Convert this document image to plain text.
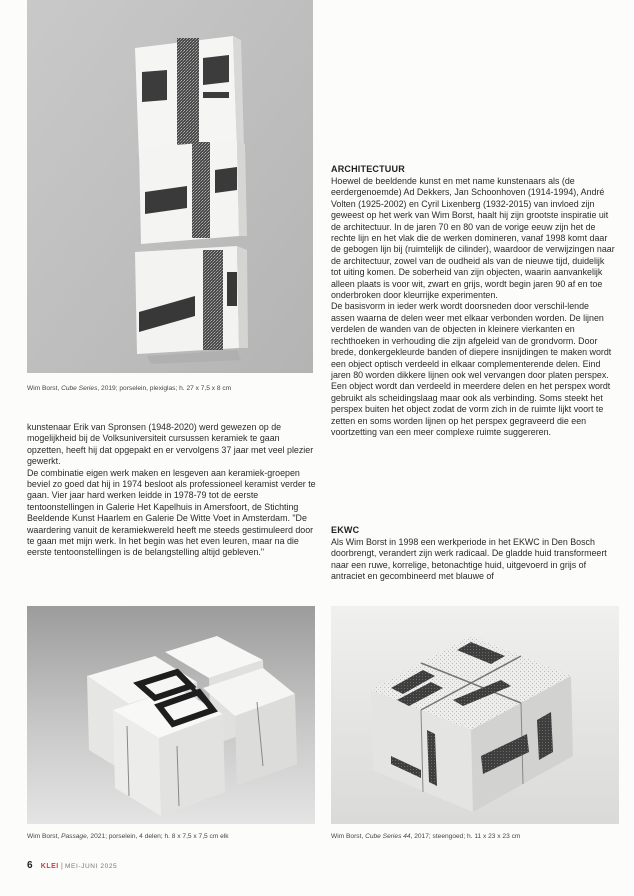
Wim Borst, Cube Series, 2019; porselein, plexiglas; h. 27 x 7,5 x 8 cm

kunstenaar Erik van Spronsen (1948-2020) werd gewezen op de mogelijkheid bij de Volksuniversiteit cursussen keramiek te gaan opzetten, heeft hij dat opgepakt en er vervolgens 37 jaar met veel plezier gewerkt.

De combinatie eigen werk maken en lesgeven aan keramiek-groepen beviel zo goed dat hij in 1974 besloot als professioneel keramist verder te gaan. Vier jaar hard werken leidde in 1978-79 tot de eerste tentoonstellingen in Galerie Het Kapelhuis in Amersfoort, de Stichting Beeldende Kunst Haarlem en Galerie De Witte Voet in Amsterdam. "De waardering vanuit de keramiekwereld heeft me steeds gestimuleerd door te gaan met mijn werk. In het begin was het even leuren, maar na die eerste tentoonstellingen is de belangstelling altijd gebleven."

ARCHITECTUUR

Hoewel de beeldende kunst en met name kunstenaars als (de eerdergenoemde) Ad Dekkers, Jan Schoonhoven (1914-1994), André Volten (1925-2002) en Cyril Lixenberg (1932-2015) van invloed zijn geweest op het werk van Wim Borst, haalt hij zijn grootste inspiratie uit de architectuur. In de jaren 70 en 80 van de vorige eeuw zijn het de rechte lijn en het vlak die de werken domineren, vanaf 1998 komt daar de gebogen lijn bij (ruimtelijk de cilinder), waardoor de verwijzingen naar de architectuur, zowel van de oudheid als van de nieuwe tijd, duidelijk tot uiting komen. De soberheid van zijn objecten, waarin aanvankelijk alleen plaats is voor wit, zwart en grijs, wordt begin jaren 90 af en toe onderbroken door kleurrijke experimenten.

De basisvorm in ieder werk wordt doorsneden door verschil-lende assen waarna de delen weer met elkaar verbonden worden. De lijnen verdelen de wanden van de objecten in kleinere vierkanten en rechthoeken in verhouding die zijn afgeleid van de grondvorm. Door brede, donkergekleurde banden of diepere insnijdingen te maken wordt een object optisch verdeeld in elkaar complementerende delen. Eind jaren 80 worden dikkere lijnen ook wel vervangen door platen perspex. Een object wordt dan verdeeld in meerdere delen en het perspex wordt gebruikt als scheidingslaag maar ook als verbinding. Soms steekt het perspex buiten het object zodat de vorm zich in de ruimte lijkt voort te zetten en soms worden lijnen op het perspex gegraveerd die een voortzetting van een meer complexe ruimte suggereren.

EKWC

Als Wim Borst in 1998 een werkperiode in het EKWC in Den Bosch doorbrengt, verandert zijn werk radicaal. De gladde huid transformeert naar een ruwe, korrelige, betonachtige huid, uitgevoerd in grijs of antraciet en gecombineerd met blauwe of

Wim Borst, Passage, 2021; porselein, 4 delen; h. 8 x 7,5 x 7,5 cm elk	Wim Borst, Cube Series 44, 2017; steengoed; h. 11 x 23 x 23 cm
6 KLEI | MEI-JUNI 2025
